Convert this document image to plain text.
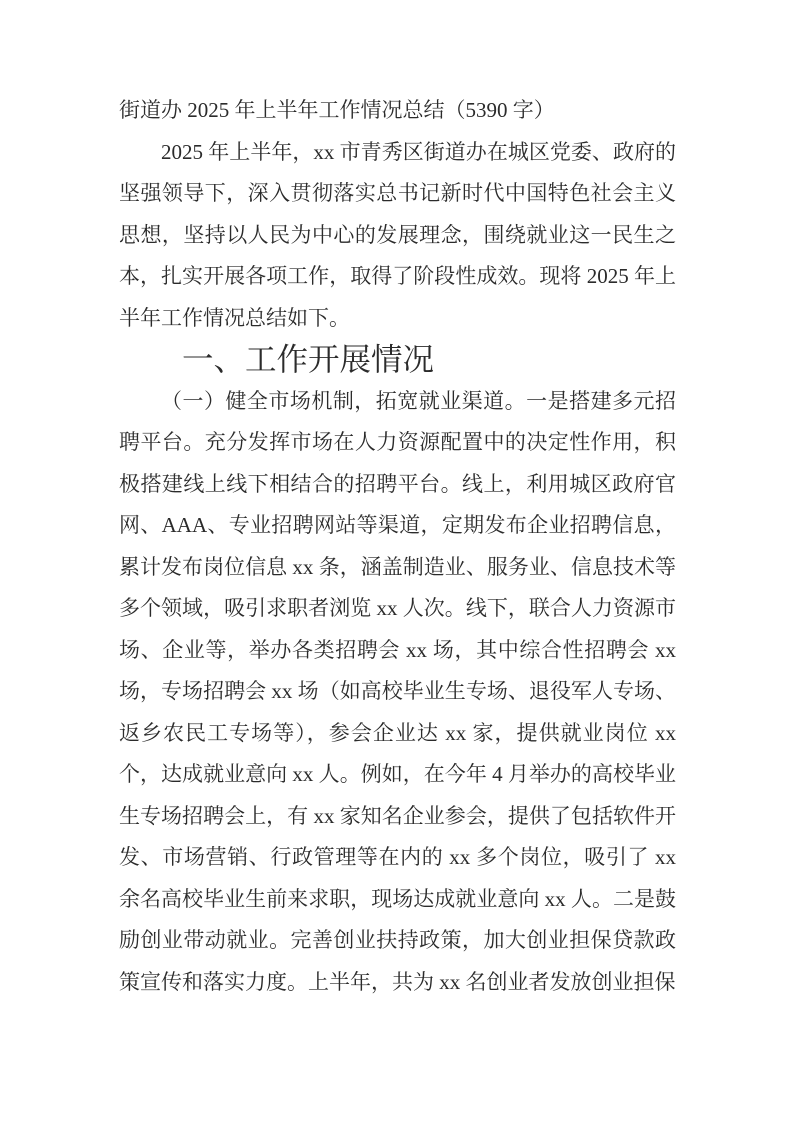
街道办 2025 年上半年工作情况总结（5390 字）

2025 年上半年，xx 市青秀区街道办在城区党委、政府的坚强领导下，深入贯彻落实总书记新时代中国特色社会主义思想，坚持以人民为中心的发展理念，围绕就业这一民生之本，扎实开展各项工作，取得了阶段性成效。现将 2025 年上半年工作情况总结如下。

一、工作开展情况

（一）健全市场机制，拓宽就业渠道。一是搭建多元招聘平台。充分发挥市场在人力资源配置中的决定性作用，积极搭建线上线下相结合的招聘平台。线上，利用城区政府官网、AAA、专业招聘网站等渠道，定期发布企业招聘信息，累计发布岗位信息 xx 条，涵盖制造业、服务业、信息技术等多个领域，吸引求职者浏览 xx 人次。线下，联合人力资源市场、企业等，举办各类招聘会 xx 场，其中综合性招聘会 xx 场，专场招聘会 xx 场（如高校毕业生专场、退役军人专场、返乡农民工专场等），参会企业达 xx 家，提供就业岗位 xx 个，达成就业意向 xx 人。例如，在今年 4 月举办的高校毕业生专场招聘会上，有 xx 家知名企业参会，提供了包括软件开发、市场营销、行政管理等在内的 xx 多个岗位，吸引了 xx 余名高校毕业生前来求职，现场达成就业意向 xx 人。二是鼓励创业带动就业。完善创业扶持政策，加大创业担保贷款政策宣传和落实力度。上半年，共为 xx 名创业者发放创业担保
